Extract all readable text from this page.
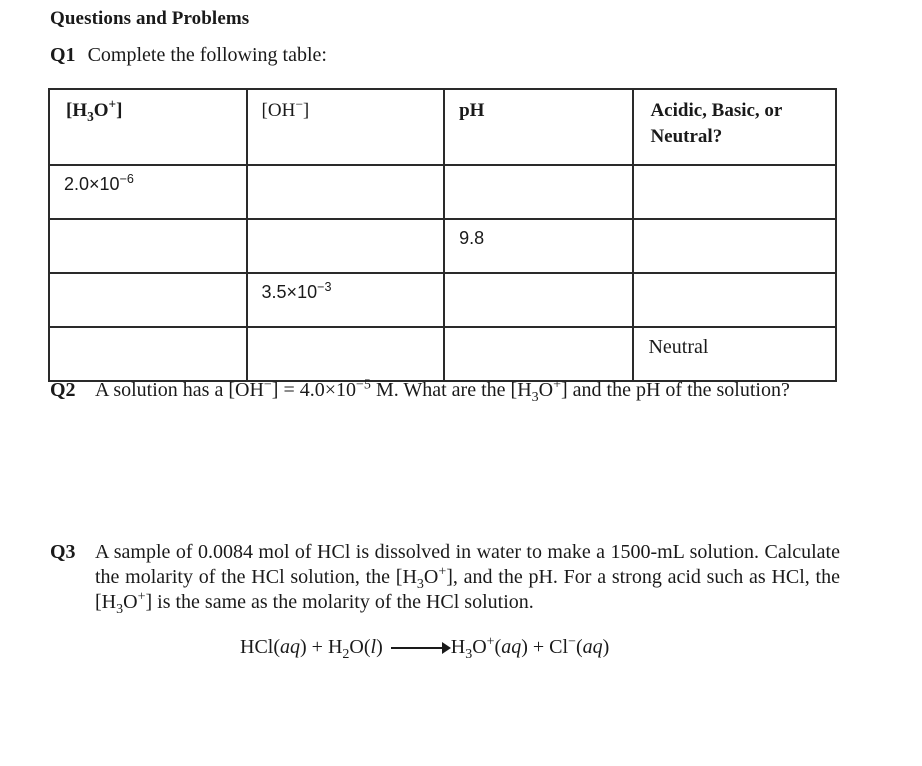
Questions and Problems
Q1 Complete the following table:
$[H_3O^+]$	[OH−]	pH	Acidic, Basic, or Neutral?
$2.0\times 10^{-6}$			
		9.8	
	$3.5\times 10^{-3}$		
			Neutral
Q2 A solution has a $[OH^-] = 4.0\times 10^{-5}$ M. What are the $[H_3O^+]$ and the pH of the solution?
Q3 A sample of 0.0084 mol of HCl is dissolved in water to make a 1500-mL solution. Calculate the molarity of the HCl solution, the $[H_3O^+]$, and the pH. For a strong acid such as HCl, the $[H_3O^+]$ is the same as the molarity of the HCl solution.
$HCl(aq) + H_2O(l) \to H_3O^+(aq) + Cl^-(aq)$
